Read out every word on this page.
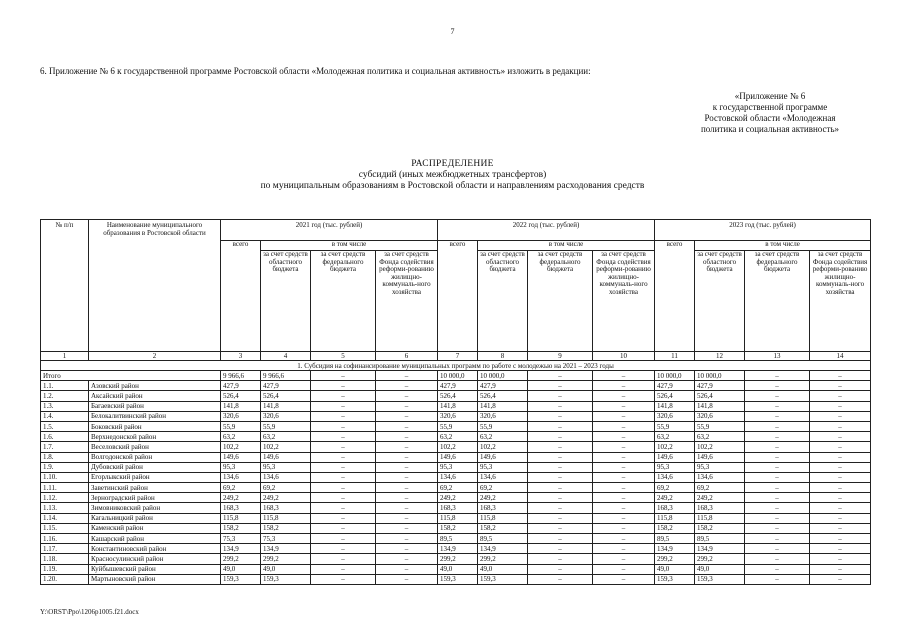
7
6. Приложение № 6 к государственной программе Ростовской области «Молодежная политика и социальная активность» изложить в редакции:
«Приложение № 6
к государственной программе
Ростовской области «Молодежная
политика и социальная активность»
РАСПРЕДЕЛЕНИЕ
субсидий (иных межбюджетных трансфертов)
по муниципальным образованиям в Ростовской области и направлениям расходования средств
№ п/п	Наименование муниципального образования в Ростовской области	2021 год (тыс. рублей)				2022 год (тыс. рублей)				2023 год (тыс. рублей)			
		всего	в том числе			всего	в том числе			всего	в том числе		
			за счет средств областного бюджета	за счет средств федерального бюджета	за счет средств Фонда содействия реформи-рованию жилищно-коммуналь-ного хозяйства		за счет средств областного бюджета	за счет средств федерального бюджета	за счет средств Фонда содействия реформи-рованию жилищно-коммуналь-ного хозяйства		за счет средств областного бюджета	за счет средств федерального бюджета	за счет средств Фонда содействия реформи-рованию жилищно-коммуналь-ного хозяйства
1	2	3	4	5	6	7	8	9	10	11	12	13	14
1. Субсидия на софинансирование муниципальных программ по работе с молодежью на 2021 – 2023 годы													
Итого		9 966,6	9 966,6	–	–	10 000,0	10 000,0	–	–	10 000,0	10 000,0	–	–
1.1.	Азовский район	427,9	427,9	–	–	427,9	427,9	–	–	427,9	427,9	–	–
1.2.	Аксайский район	526,4	526,4	–	–	526,4	526,4	–	–	526,4	526,4	–	–
1.3.	Багаевский район	141,8	141,8	–	–	141,8	141,8	–	–	141,8	141,8	–	–
1.4.	Белокалитвинский район	320,6	320,6	–	–	320,6	320,6	–	–	320,6	320,6	–	–
1.5.	Боковский район	55,9	55,9	–	–	55,9	55,9	–	–	55,9	55,9	–	–
1.6.	Верхнедонской район	63,2	63,2	–	–	63,2	63,2	–	–	63,2	63,2	–	–
1.7.	Веселовский район	102,2	102,2	–	–	102,2	102,2	–	–	102,2	102,2	–	–
1.8.	Волгодонской район	149,6	149,6	–	–	149,6	149,6	–	–	149,6	149,6	–	–
1.9.	Дубовский район	95,3	95,3	–	–	95,3	95,3	–	–	95,3	95,3	–	–
1.10.	Егорлыкский район	134,6	134,6	–	–	134,6	134,6	–	–	134,6	134,6	–	–
1.11.	Заветинский район	69,2	69,2	–	–	69,2	69,2	–	–	69,2	69,2	–	–
1.12.	Зерноградский район	249,2	249,2	–	–	249,2	249,2	–	–	249,2	249,2	–	–
1.13.	Зимовниковский район	168,3	168,3	–	–	168,3	168,3	–	–	168,3	168,3	–	–
1.14.	Кагальницкий район	115,8	115,8	–	–	115,8	115,8	–	–	115,8	115,8	–	–
1.15.	Каменский район	158,2	158,2	–	–	158,2	158,2	–	–	158,2	158,2	–	–
1.16.	Кашарский район	75,3	75,3	–	–	89,5	89,5	–	–	89,5	89,5	–	–
1.17.	Константиновский район	134,9	134,9	–	–	134,9	134,9	–	–	134,9	134,9	–	–
1.18.	Красносулинский район	299,2	299,2	–	–	299,2	299,2	–	–	299,2	299,2	–	–
1.19.	Куйбышевский район	49,0	49,0	–	–	49,0	49,0	–	–	49,0	49,0	–	–
1.20.	Мартыновский район	159,3	159,3	–	–	159,3	159,3	–	–	159,3	159,3	–	–
Y:\ORST\Ppo\1206p1005.f21.docx
